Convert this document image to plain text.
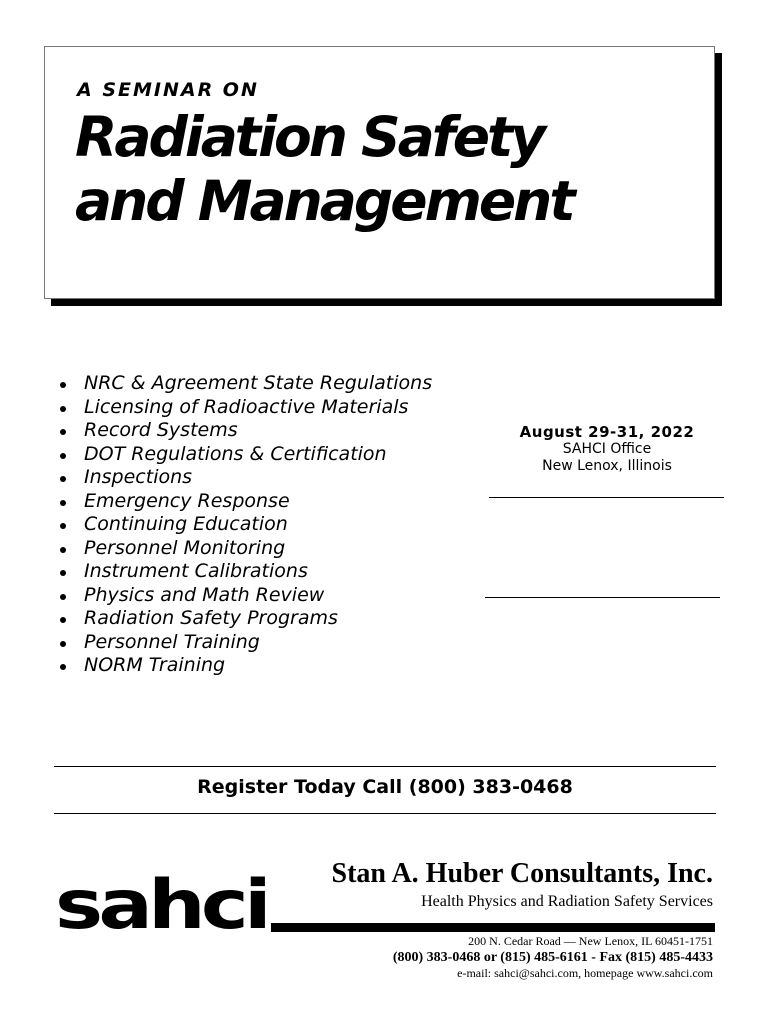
A SEMINAR ON
Radiation Safety
and Management
NRC & Agreement State Regulations
Licensing of Radioactive Materials
Record Systems
DOT Regulations & Certification
Inspections
Emergency Response
Continuing Education
Personnel Monitoring
Instrument Calibrations
Physics and Math Review
Radiation Safety Programs
Personnel Training
NORM Training
August 29-31, 2022
SAHCI Office
New Lenox, Illinois
Register Today Call (800) 383-0468
sahci Stan A. Huber Consultants, Inc.
Health Physics and Radiation Safety Services
200 N. Cedar Road — New Lenox, IL 60451-1751
(800) 383-0468 or (815) 485-6161 - Fax (815) 485-4433
e-mail: sahci@sahci.com, homepage www.sahci.com
